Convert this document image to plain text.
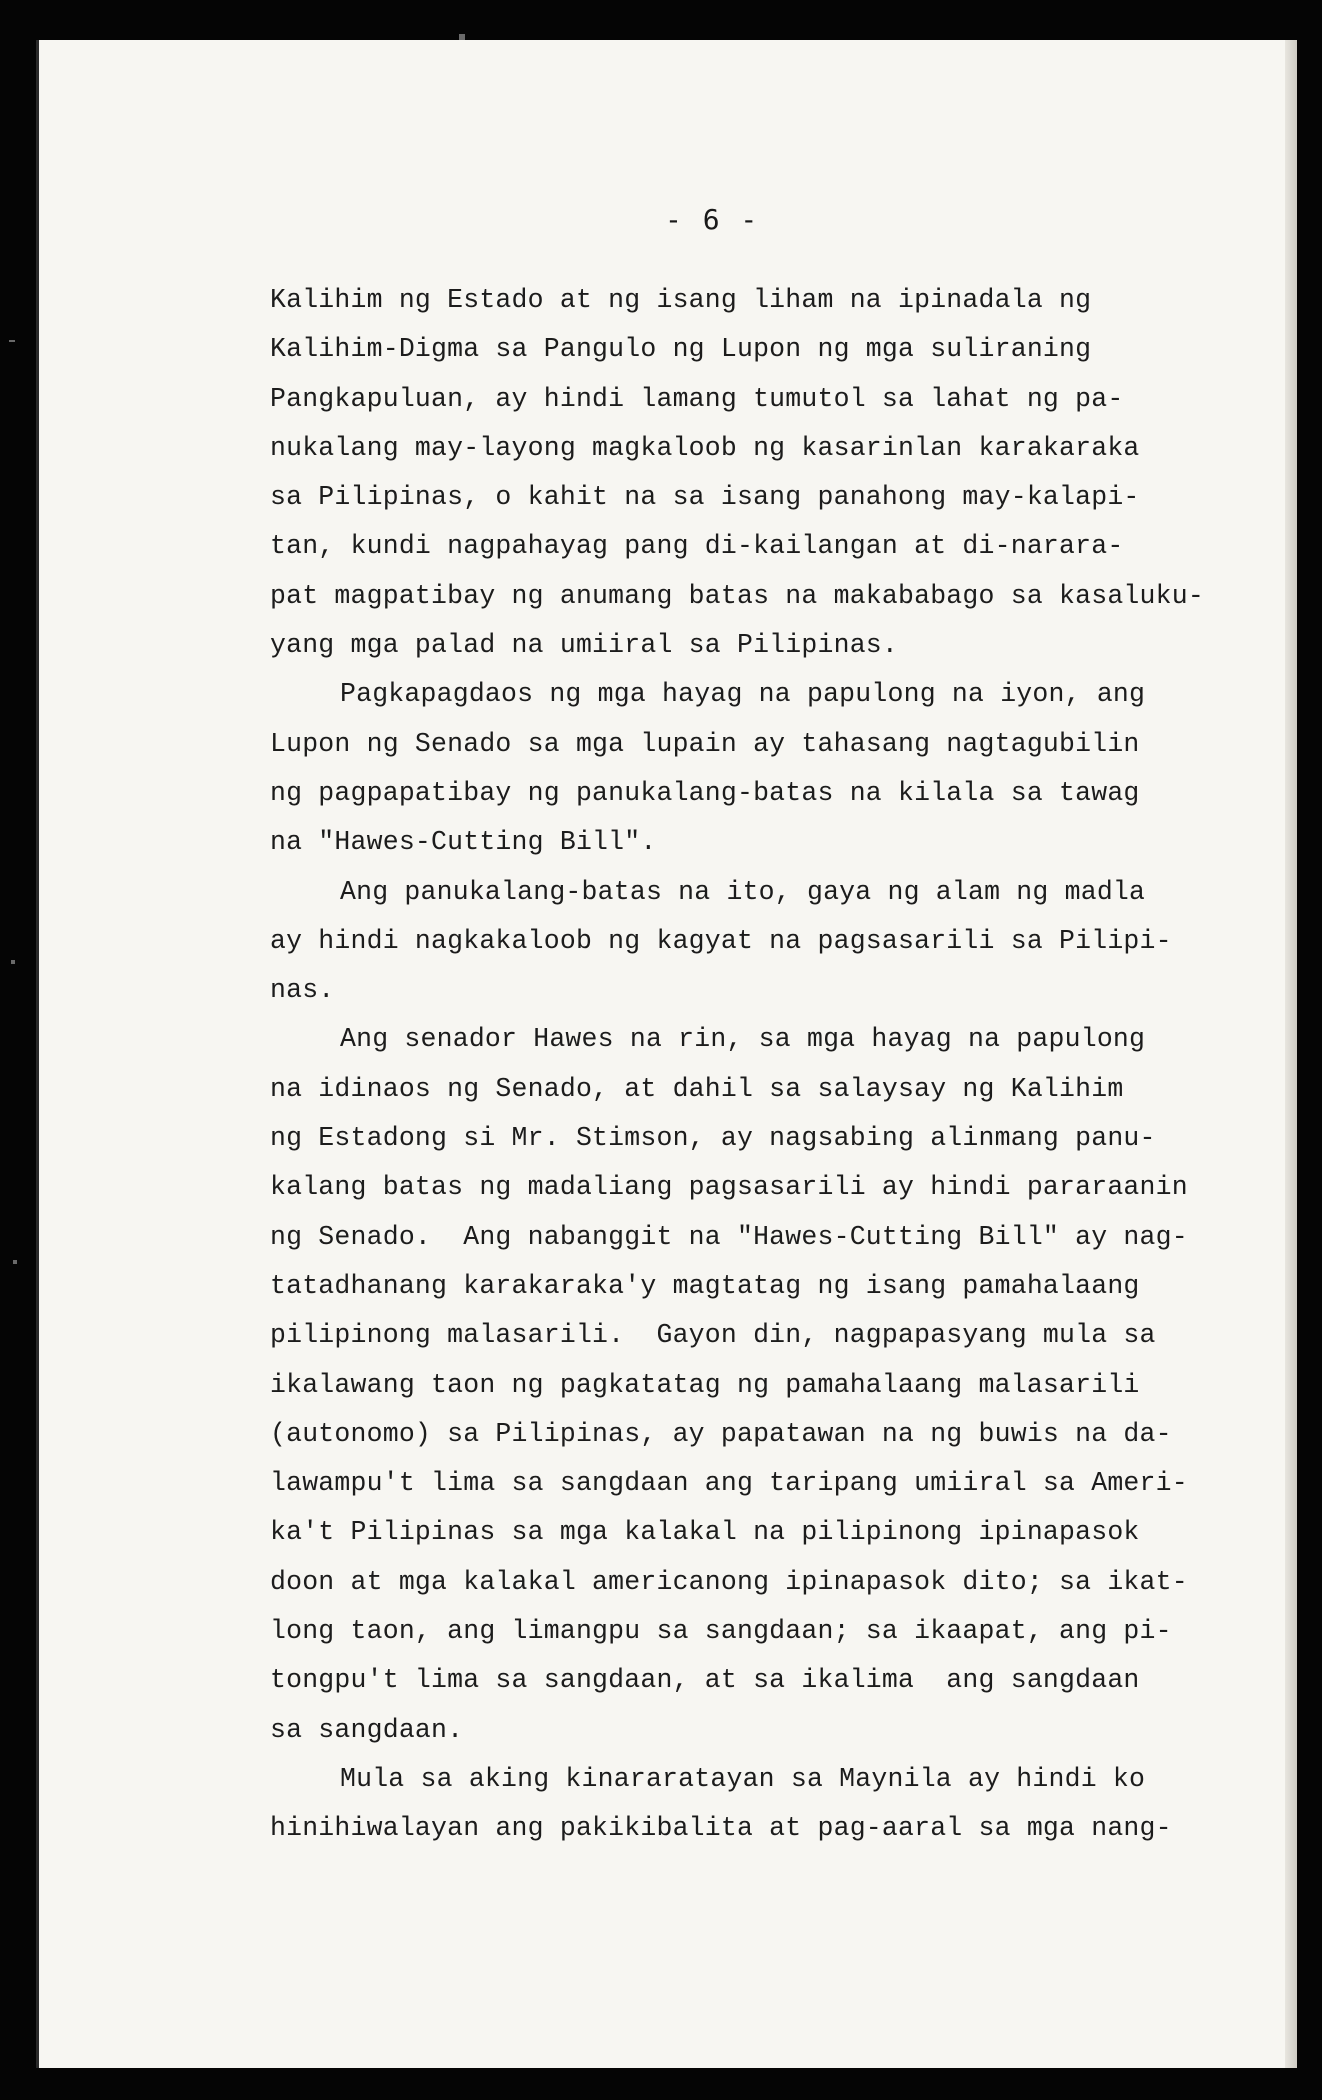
- 6 -
Kalihim ng Estado at ng isang liham na ipinadala ng
Kalihim-Digma sa Pangulo ng Lupon ng mga suliraning
Pangkapuluan, ay hindi lamang tumutol sa lahat ng pa-
nukalang may-layong magkaloob ng kasarinlan karakaraka
sa Pilipinas, o kahit na sa isang panahong may-kalapi-
tan, kundi nagpahayag pang di-kailangan at di-narara-
pat magpatibay ng anumang batas na makababago sa kasaluku-
yang mga palad na umiiral sa Pilipinas.
Pagkapagdaos ng mga hayag na papulong na iyon, ang
Lupon ng Senado sa mga lupain ay tahasang nagtagubilin
ng pagpapatibay ng panukalang-batas na kilala sa tawag
na "Hawes-Cutting Bill".
Ang panukalang-batas na ito, gaya ng alam ng madla
ay hindi nagkakaloob ng kagyat na pagsasarili sa Pilipi-
nas.
Ang senador Hawes na rin, sa mga hayag na papulong
na idinaos ng Senado, at dahil sa salaysay ng Kalihim
ng Estadong si Mr. Stimson, ay nagsabing alinmang panu-
kalang batas ng madaliang pagsasarili ay hindi pararaanin
ng Senado.  Ang nabanggit na "Hawes-Cutting Bill" ay nag-
tatadhanang karakaraka'y magtatag ng isang pamahalaang
pilipinong malasarili.  Gayon din, nagpapasyang mula sa
ikalawang taon ng pagkatatag ng pamahalaang malasarili
(autonomo) sa Pilipinas, ay papatawan na ng buwis na da-
lawampu't lima sa sangdaan ang taripang umiiral sa Ameri-
ka't Pilipinas sa mga kalakal na pilipinong ipinapasok
doon at mga kalakal americanong ipinapasok dito; sa ikat-
long taon, ang limangpu sa sangdaan; sa ikaapat, ang pi-
tongpu't lima sa sangdaan, at sa ikalima  ang sangdaan
sa sangdaan.
Mula sa aking kinararatayan sa Maynila ay hindi ko
hinihiwalayan ang pakikibalita at pag-aaral sa mga nang-
